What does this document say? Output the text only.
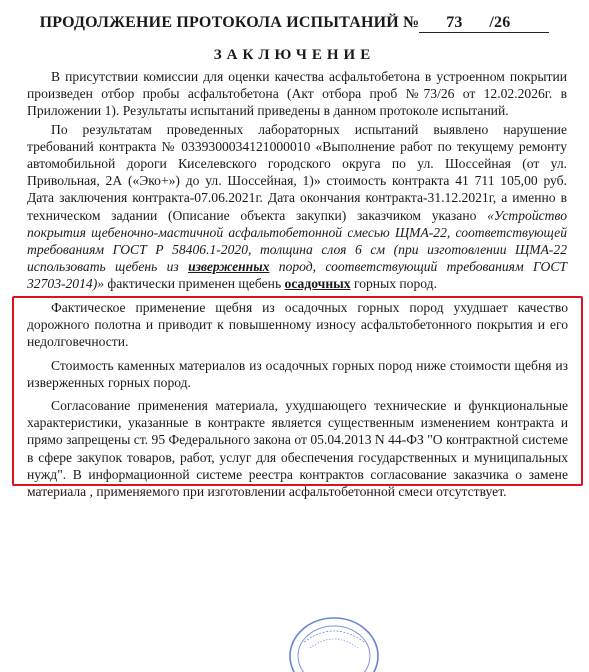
ПРОДОЛЖЕНИЕ ПРОТОКОЛА ИСПЫТАНИЙ № 73 /26
ЗАКЛЮЧЕНИЕ

В присутствии комиссии для оценки качества асфальтобетона в устроенном покрытии произведен отбор пробы асфальтобетона (Акт отбора проб №73/26 от 12.02.2026г. в Приложении 1). Результаты испытаний приведены в данном протоколе испытаний.

По результатам проведенных лабораторных испытаний выявлено нарушение требований контракта № 0339300034121000010 «Выполнение работ по текущему ремонту автомобильной дороги Киселевского городского округа по ул. Шоссейная (от ул. Привольная, 2А («Эко+») до ул. Шоссейная, 1)» стоимость контракта 41 711 105,00 руб. Дата заключения контракта-07.06.2021г. Дата окончания контракта-31.12.2021г, а именно в техническом задании (Описание объекта закупки) заказчиком указано «Устройство покрытия щебеночно-мастичной асфальтобетонной смесью ЩМА-22, соответствующей требованиям ГОСТ Р 58406.1-2020, толщина слоя 6 см (при изготовлении ЩМА-22 использовать щебень из изверженных пород, соответствующий требованиям ГОСТ 32703-2014)» фактически применен щебень осадочных горных пород.

Фактическое применение щебня из осадочных горных пород ухудшает качество дорожного полотна и приводит к повышенному износу асфальтобетонного покрытия и его недолговечности.

Стоимость каменных материалов из осадочных горных пород ниже стоимости щебня из изверженных горных пород.

Согласование применения материала, ухудшающего технические и функциональные характеристики, указанные в контракте является существенным изменением контракта и прямо запрещены ст. 95 Федерального закона от 05.04.2013 N 44-ФЗ "О контрактной системе в сфере закупок товаров, работ, услуг для обеспечения государственных и муниципальных нужд". В информационной системе реестра контрактов согласование заказчика о замене материала , применяемого при изготовлении асфальтобетонной смеси отсутствует.
